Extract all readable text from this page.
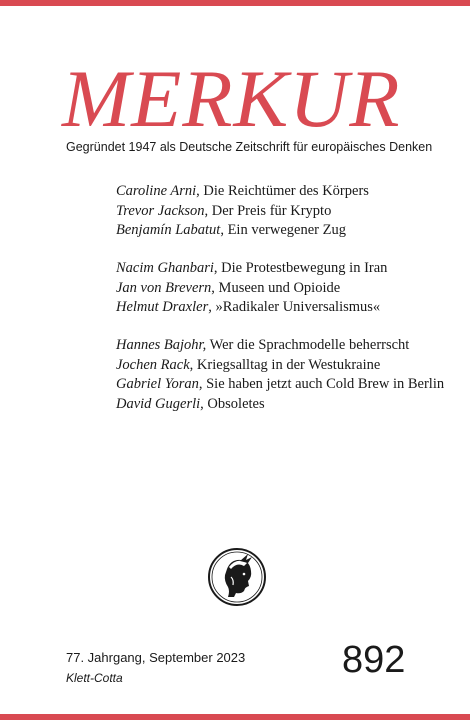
MERKUR

Gegründet 1947 als Deutsche Zeitschrift für europäisches Denken

Caroline Arni, Die Reichtümer des Körpers
Trevor Jackson, Der Preis für Krypto
Benjamín Labatut, Ein verwegener Zug
Nacim Ghanbari, Die Protestbewegung in Iran
Jan von Brevern, Museen und Opioide
Helmut Draxler, »Radikaler Universalismus«
Hannes Bajohr, Wer die Sprachmodelle beherrscht
Jochen Rack, Kriegsalltag in der Westukraine
Gabriel Yoran, Sie haben jetzt auch Cold Brew in Berlin
David Gugerli, Obsoletes

77. Jahrgang, September 2023

Klett-Cotta	892
